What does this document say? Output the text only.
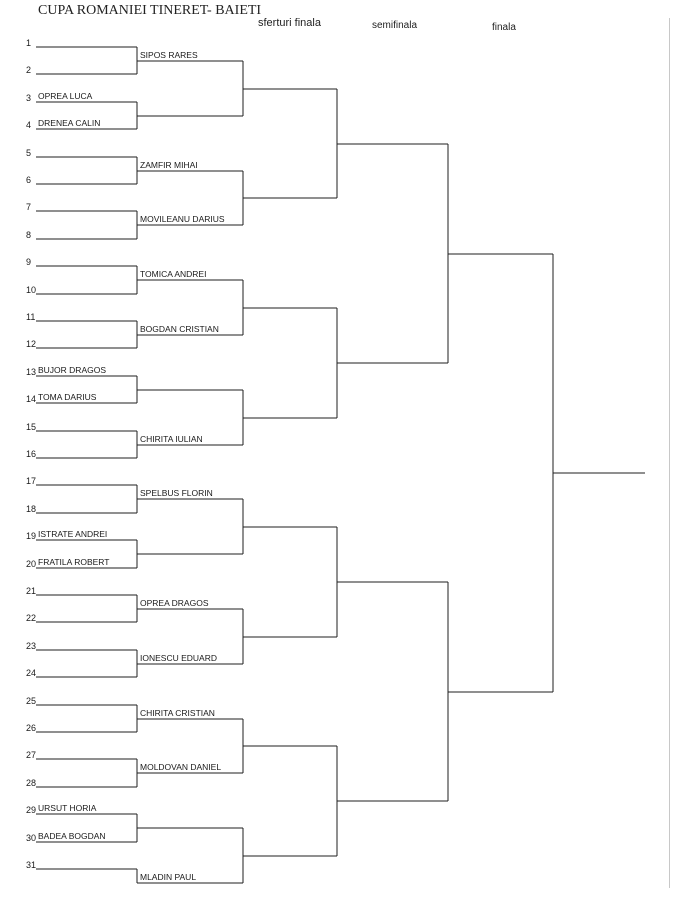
CUPA ROMANIEI TINERET- BAIETI
sferturi finala	semifinala	finala
1
2
3 OPREA LUCA
4 DRENEA CALIN
5
6
7
8
9
10
11
12
13 BUJOR DRAGOS
14 TOMA DARIUS
15
16
17
18
19 ISTRATE ANDREI
20 FRATILA ROBERT
21
22
23
24
25
26
27
28
29 URSUT HORIA
30 BADEA BOGDAN
31
SIPOS RARES
ZAMFIR MIHAI
MOVILEANU DARIUS
TOMICA ANDREI
BOGDAN CRISTIAN
CHIRITA IULIAN
SPELBUS FLORIN
OPREA DRAGOS
IONESCU EDUARD
CHIRITA CRISTIAN
MOLDOVAN DANIEL
MLADIN PAUL
